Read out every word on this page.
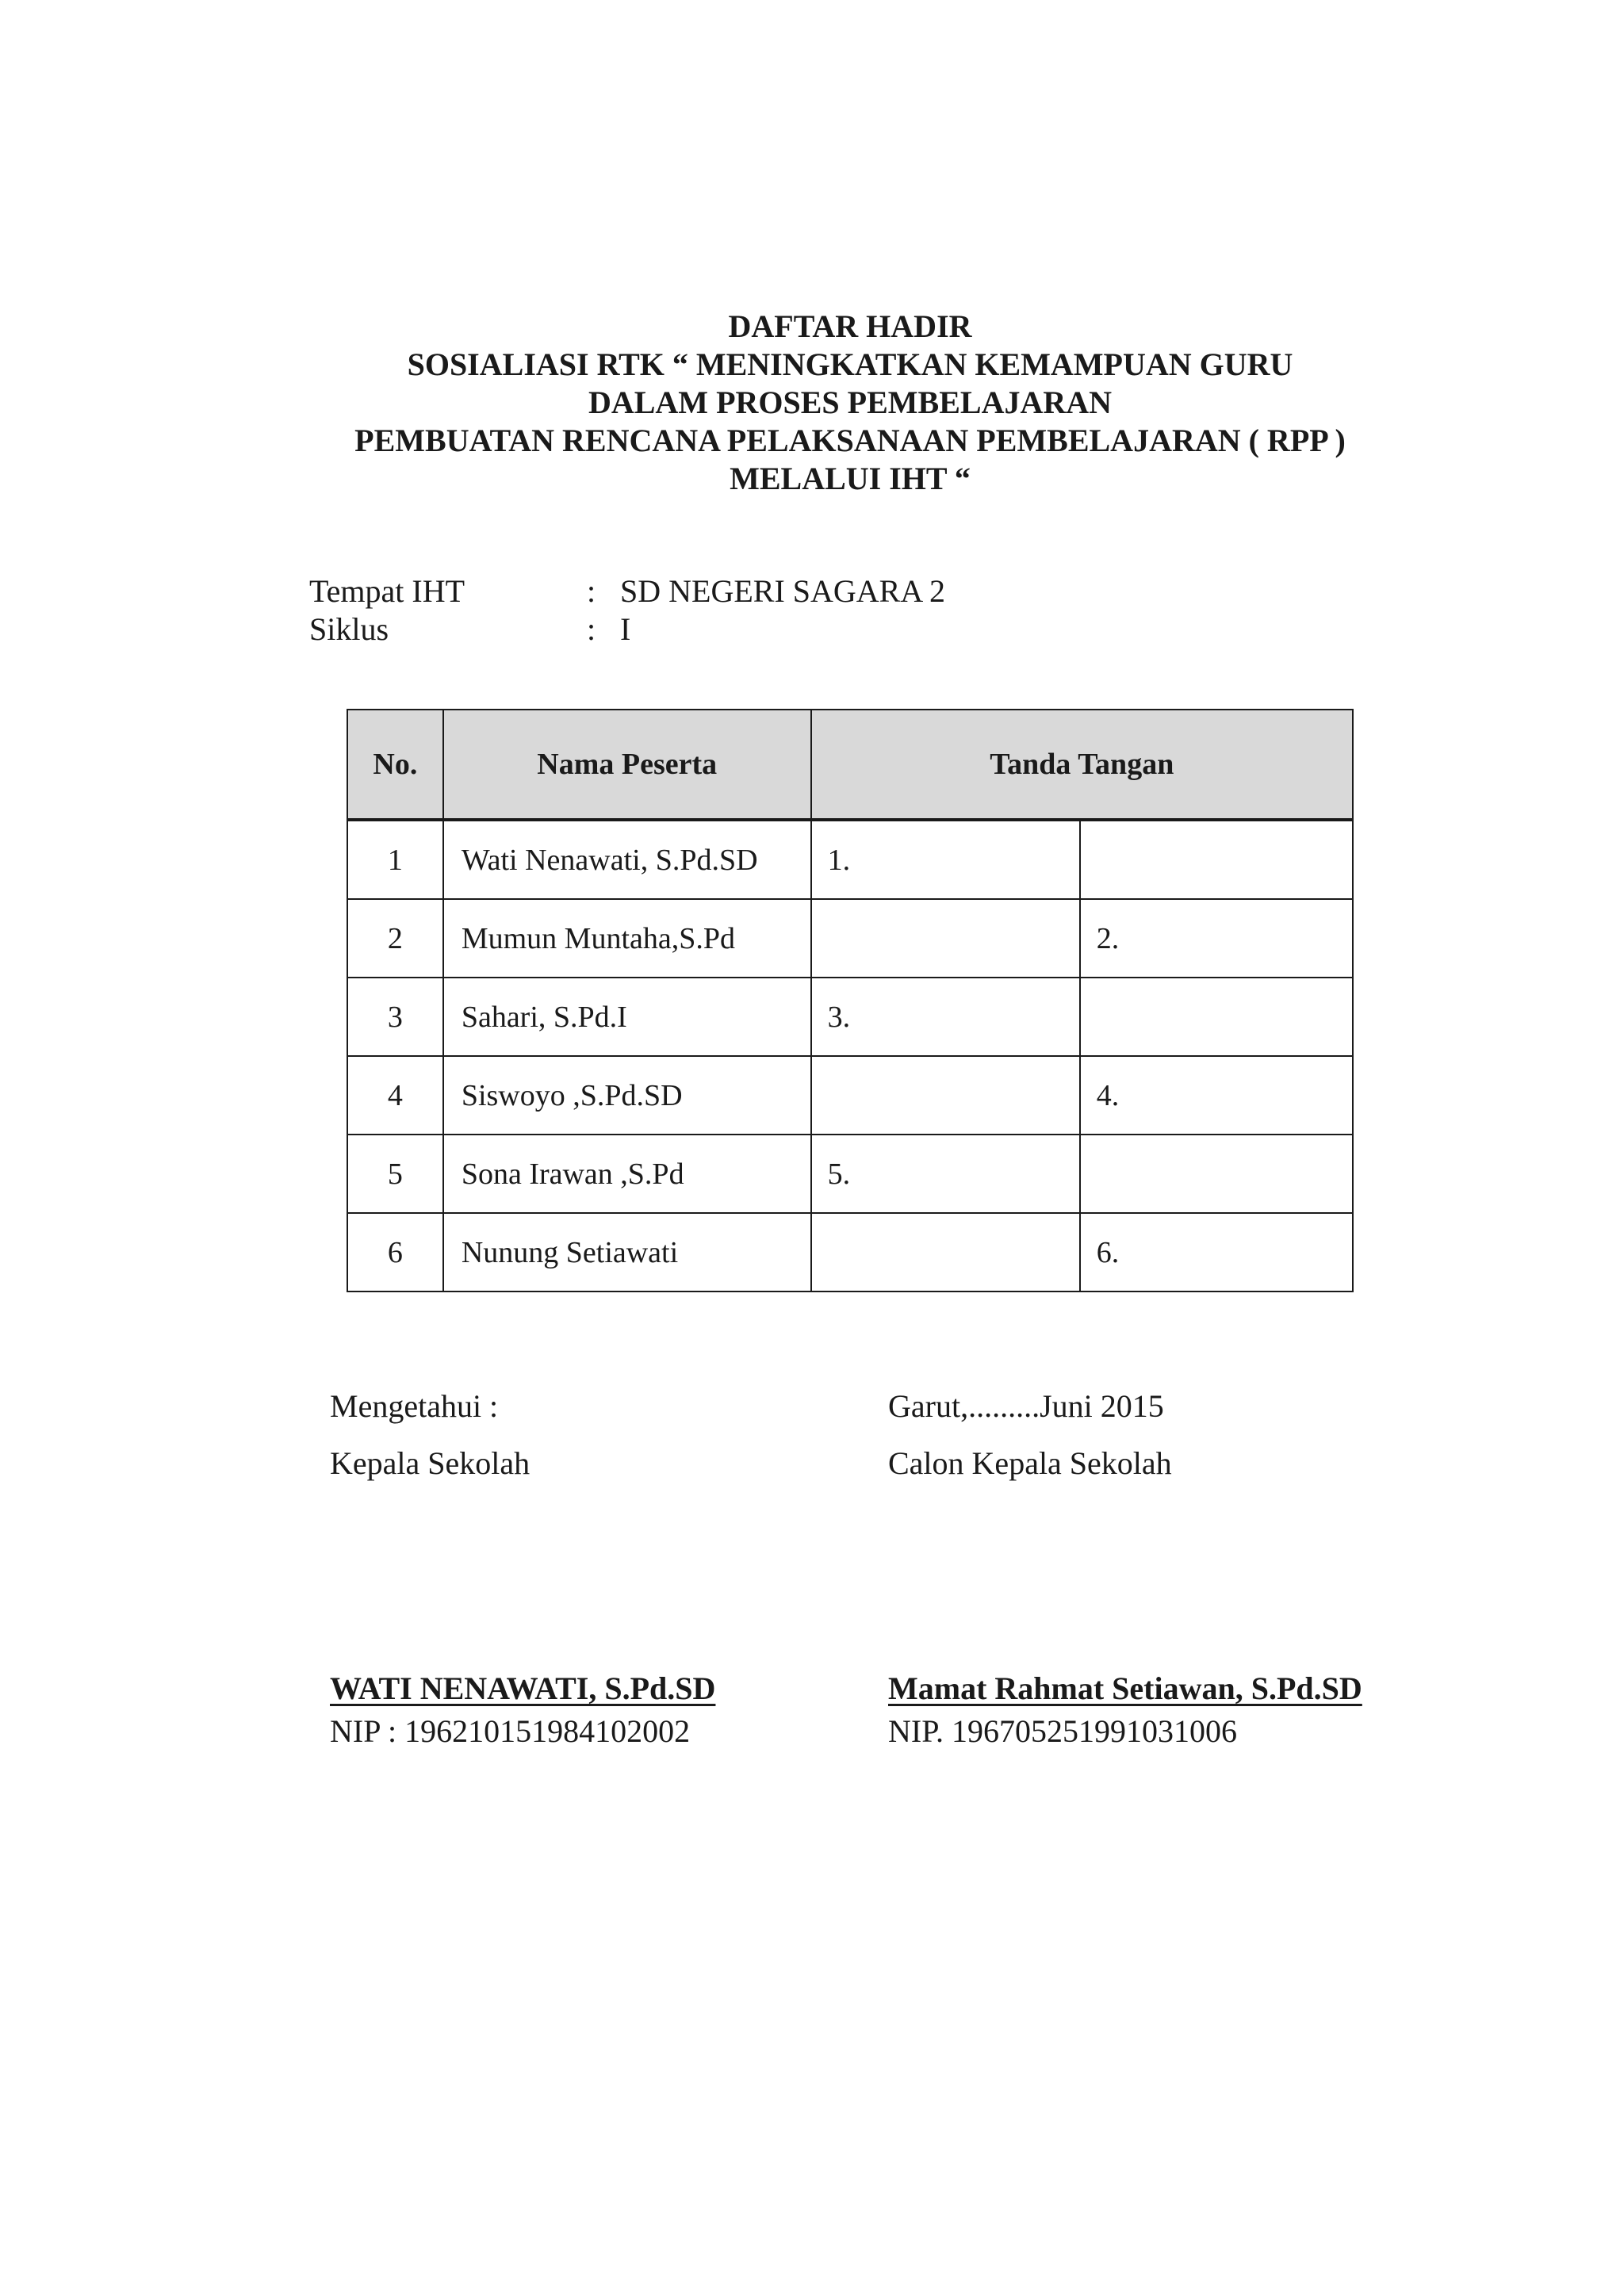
DAFTAR HADIR
SOSIALIASI RTK “ MENINGKATKAN KEMAMPUAN GURU
DALAM PROSES PEMBELAJARAN
PEMBUATAN RENCANA PELAKSANAAN PEMBELAJARAN ( RPP )
MELALUI IHT “
Tempat IHT	: SD NEGERI SAGARA 2
Siklus	: I
No.	Nama Peserta	Tanda Tangan	
1	Wati Nenawati, S.Pd.SD	1.	
2	Mumun Muntaha,S.Pd		2.
3	Sahari, S.Pd.I	3.	
4	Siswoyo ,S.Pd.SD		4.
5	Sona Irawan ,S.Pd	5.	
6	Nunung Setiawati		6.
Mengetahui :
Kepala Sekolah
Garut,.........Juni 2015
Calon Kepala Sekolah
WATI NENAWATI, S.Pd.SD
NIP : 196210151984102002
Mamat Rahmat Setiawan, S.Pd.SD
NIP. 196705251991031006
